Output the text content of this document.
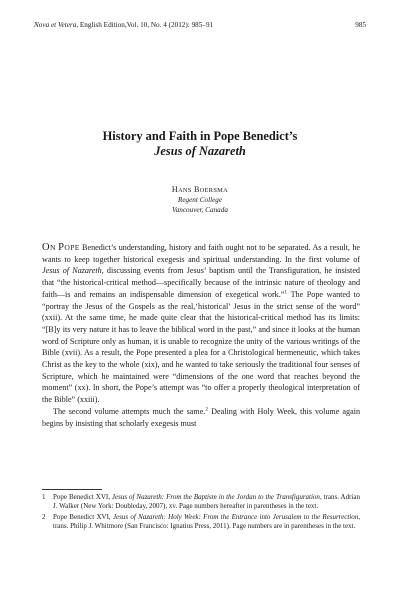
Nova et Vetera, English Edition,Vol. 10, No. 4 (2012): 985–91	985
History and Faith in Pope Benedict’s
Jesus of Nazareth
HANS BOERSMA
Regent College
Vancouver, Canada

ON POPE Benedict’s understanding, history and faith ought not to be separated. As a result, he wants to keep together historical exegesis and spiritual understanding. In the first volume of Jesus of Nazareth, discussing events from Jesus’ baptism until the Transfiguration, he insisted that “the historical-critical method—specifically because of the intrinsic nature of theology and faith—is and remains an indispensable dimension of exegetical work.”$^1$ The Pope wanted to “portray the Jesus of the Gospels as the real,‘historical’ Jesus in the strict sense of the word” (xxii). At the same time, he made quite clear that the historical-critical method has its limits: “[B]y its very nature it has to leave the biblical word in the past,” and since it looks at the human word of Scripture only as human, it is unable to recognize the unity of the various writings of the Bible (xvii). As a result, the Pope presented a plea for a Christological hermeneutic, which takes Christ as the key to the whole (xix), and he wanted to take seriously the traditional four senses of Scripture, which he maintained were “dimensions of the one word that reaches beyond the moment” (xx). In short, the Pope’s attempt was “to offer a properly theological interpretation of the Bible” (xxiii).

The second volume attempts much the same.$^2$ Dealing with Holy Week, this volume again begins by insisting that scholarly exegesis must

1 Pope Benedict XVI, Jesus of Nazareth: From the Baptism in the Jordan to the Transfiguration, trans. Adrian J. Walker (New York: Doubleday, 2007), xv. Page numbers hereafter in parentheses in the text.

2 Pope Benedict XVI, Jesus of Nazareth: Holy Week: From the Entrance into Jerusalem to the Resurrection, trans. Philip J. Whitmore (San Francisco: Ignatius Press, 2011). Page numbers are in parentheses in the text.
